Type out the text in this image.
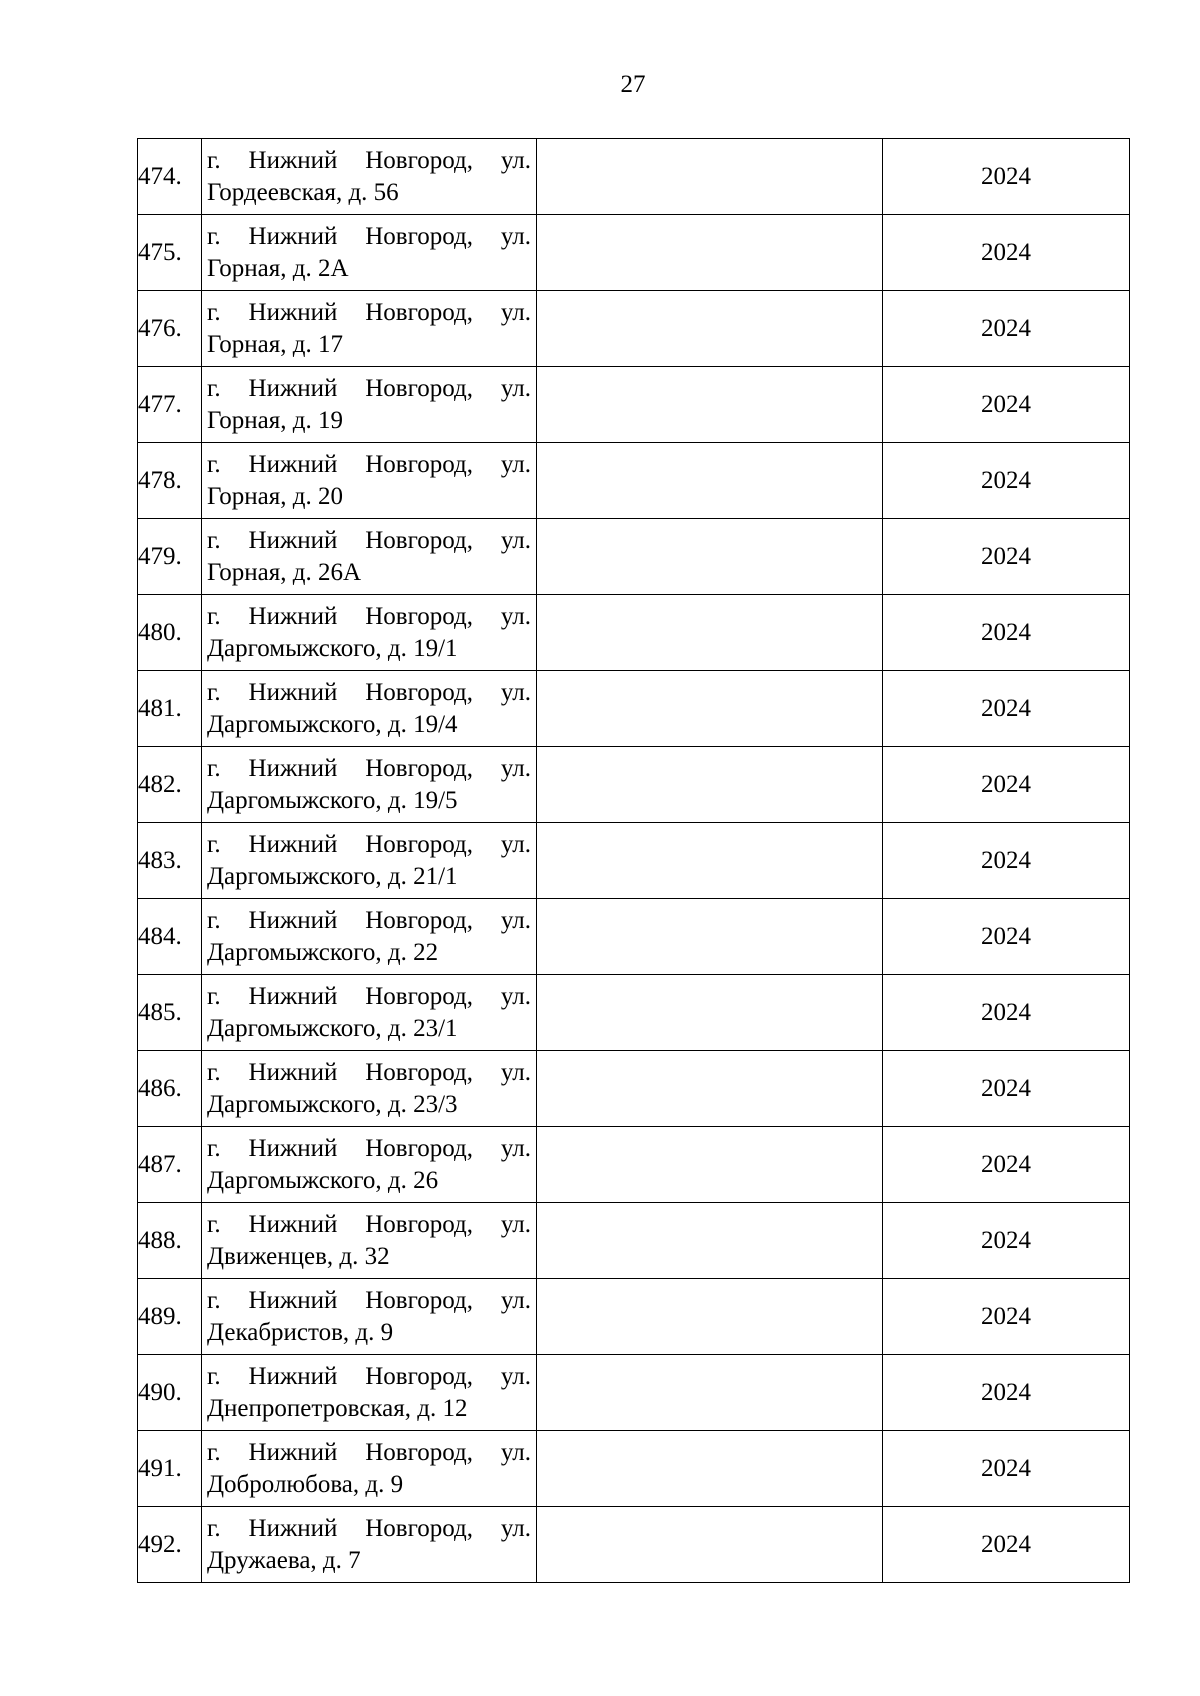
27
474.	г. Нижний Новгород, ул.
Гордеевская, д. 56		2024
475.	г. Нижний Новгород, ул.
Горная, д. 2А		2024
476.	г. Нижний Новгород, ул.
Горная, д. 17		2024
477.	г. Нижний Новгород, ул.
Горная, д. 19		2024
478.	г. Нижний Новгород, ул.
Горная, д. 20		2024
479.	г. Нижний Новгород, ул.
Горная, д. 26А		2024
480.	г. Нижний Новгород, ул.
Даргомыжского, д. 19/1		2024
481.	г. Нижний Новгород, ул.
Даргомыжского, д. 19/4		2024
482.	г. Нижний Новгород, ул.
Даргомыжского, д. 19/5		2024
483.	г. Нижний Новгород, ул.
Даргомыжского, д. 21/1		2024
484.	г. Нижний Новгород, ул.
Даргомыжского, д. 22		2024
485.	г. Нижний Новгород, ул.
Даргомыжского, д. 23/1		2024
486.	г. Нижний Новгород, ул.
Даргомыжского, д. 23/3		2024
487.	г. Нижний Новгород, ул.
Даргомыжского, д. 26		2024
488.	г. Нижний Новгород, ул.
Движенцев, д. 32		2024
489.	г. Нижний Новгород, ул.
Декабристов, д. 9		2024
490.	г. Нижний Новгород, ул.
Днепропетровская, д. 12		2024
491.	г. Нижний Новгород, ул.
Добролюбова, д. 9		2024
492.	г. Нижний Новгород, ул.
Дружаева, д. 7		2024
